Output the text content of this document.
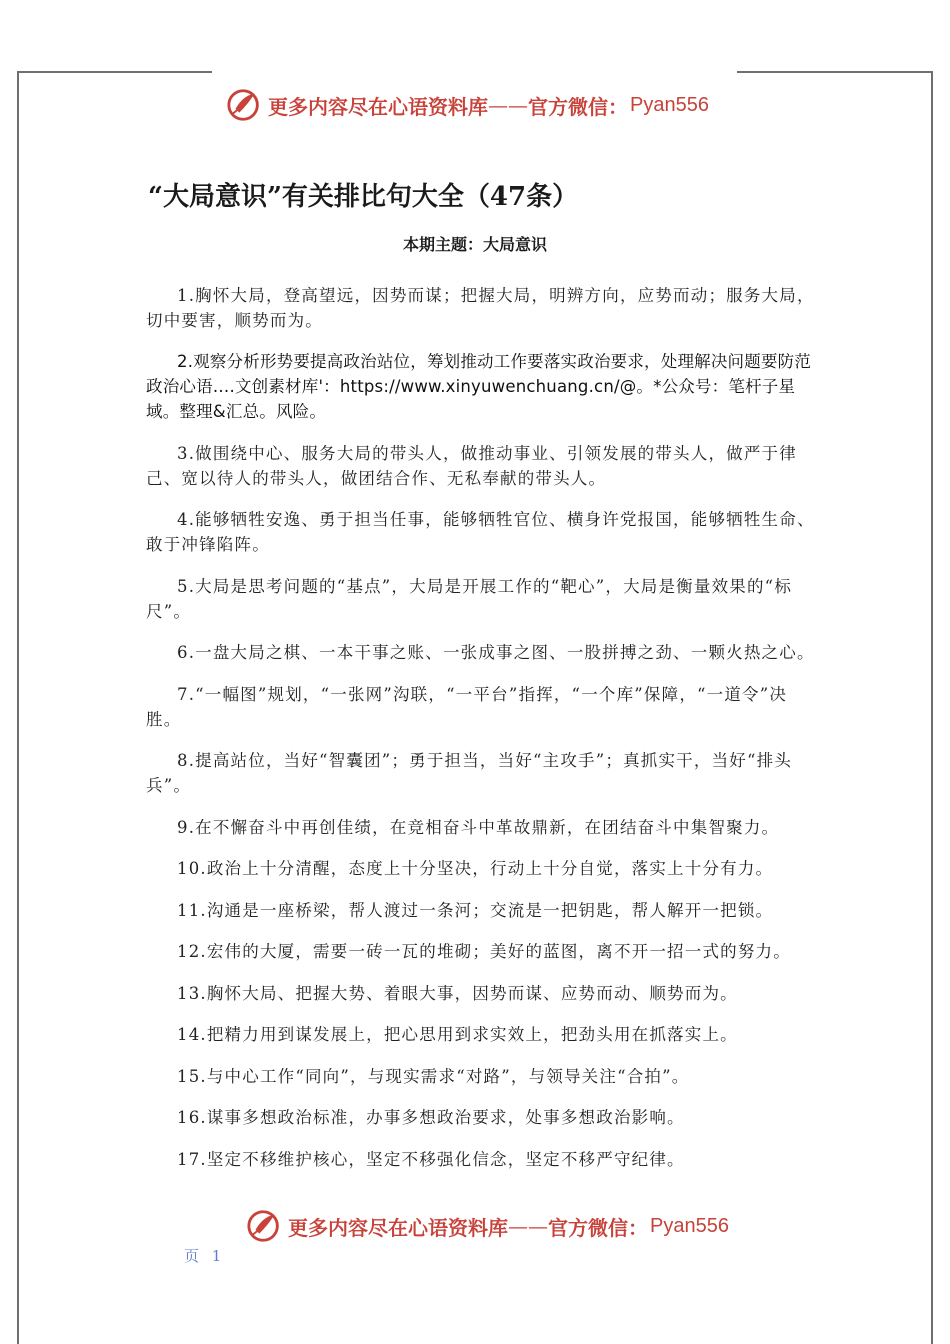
更多内容尽在心语资料库 —— 官方微信： Pyan556
“大局意识”有关排比句大全（47条）
本期主题：大局意识

1.胸怀大局，登高望远，因势而谋；把握大局，明辨方向，应势而动；服务大局，切中要害，顺势而为。

2.观察分析形势要提高政治站位，筹划推动工作要落实政治要求，处理解决问题要防范政治心语….文创素材库'：https://www.xinyuwenchuang.cn/@。*公众号：笔杆子星域。整理&汇总。风险。

3.做围绕中心、服务大局的带头人，做推动事业、引领发展的带头人，做严于律己、宽以待人的带头人，做团结合作、无私奉献的带头人。

4.能够牺牲安逸、勇于担当任事，能够牺牲官位、横身许党报国，能够牺牲生命、敢于冲锋陷阵。

5.大局是思考问题的“基点”，大局是开展工作的“靶心”，大局是衡量效果的“标尺”。

6.一盘大局之棋、一本干事之账、一张成事之图、一股拼搏之劲、一颗火热之心。

7.“一幅图”规划，“一张网”沟联，“一平台”指挥，“一个库”保障，“一道令”决胜。

8.提高站位，当好“智囊团”；勇于担当，当好“主攻手”；真抓实干，当好“排头兵”。

9.在不懈奋斗中再创佳绩，在竞相奋斗中革故鼎新，在团结奋斗中集智聚力。

10.政治上十分清醒，态度上十分坚决，行动上十分自觉，落实上十分有力。

11.沟通是一座桥梁，帮人渡过一条河；交流是一把钥匙，帮人解开一把锁。

12.宏伟的大厦，需要一砖一瓦的堆砌；美好的蓝图，离不开一招一式的努力。

13.胸怀大局、把握大势、着眼大事，因势而谋、应势而动、顺势而为。

14.把精力用到谋发展上，把心思用到求实效上，把劲头用在抓落实上。

15.与中心工作“同向”，与现实需求“对路”，与领导关注“合拍”。

16.谋事多想政治标准，办事多想政治要求，处事多想政治影响。

17.坚定不移维护核心，坚定不移强化信念，坚定不移严守纪律。

更多内容尽在心语资料库 —— 官方微信： Pyan556
页 1
